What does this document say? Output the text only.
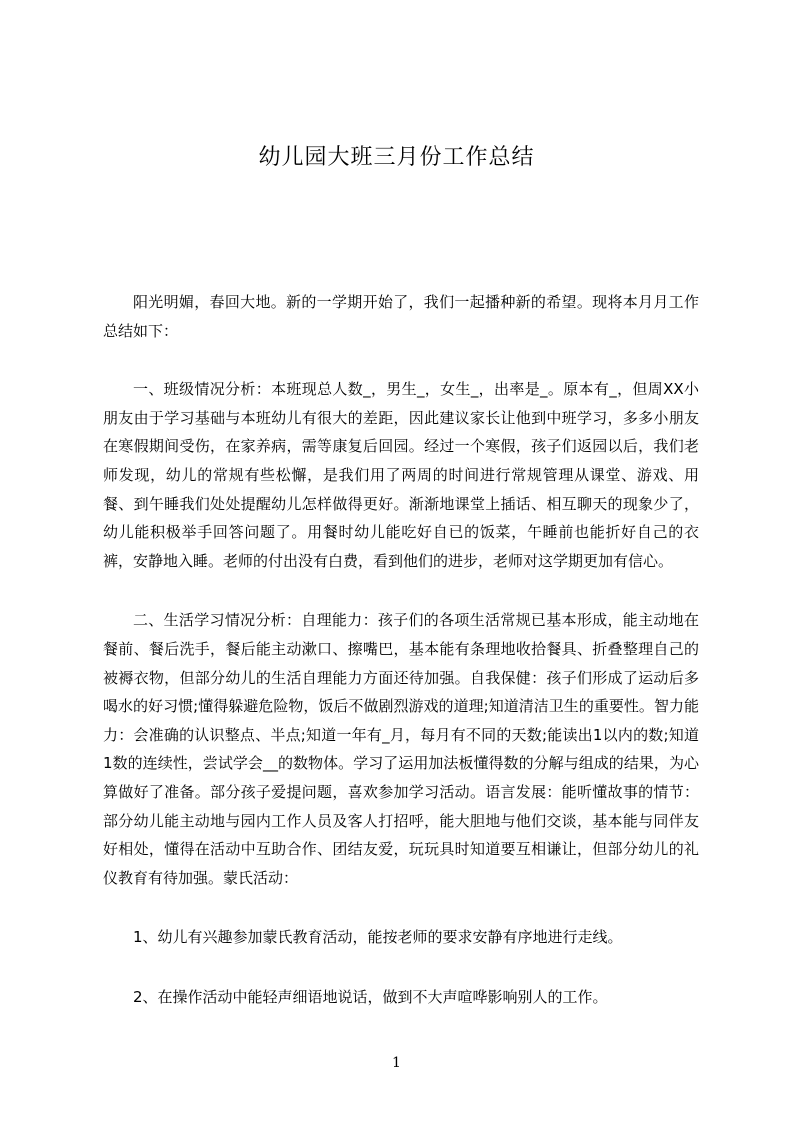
幼儿园大班三月份工作总结

阳光明媚，春回大地。新的一学期开始了，我们一起播种新的希望。现将本月月工作总结如下：

一、班级情况分析：本班现总人数_，男生_，女生_，出率是_。原本有_，但周XX小朋友由于学习基础与本班幼儿有很大的差距，因此建议家长让他到中班学习，多多小朋友在寒假期间受伤，在家养病，需等康复后回园。经过一个寒假，孩子们返园以后，我们老师发现，幼儿的常规有些松懈，是我们用了两周的时间进行常规管理从课堂、游戏、用餐、到午睡我们处处提醒幼儿怎样做得更好。渐渐地课堂上插话、相互聊天的现象少了，幼儿能积极举手回答问题了。用餐时幼儿能吃好自已的饭菜，午睡前也能折好自己的衣裤，安静地入睡。老师的付出没有白费，看到他们的进步，老师对这学期更加有信心。

二、生活学习情况分析：自理能力：孩子们的各项生活常规已基本形成，能主动地在餐前、餐后洗手，餐后能主动漱口、擦嘴巴，基本能有条理地收拾餐具、折叠整理自己的被褥衣物，但部分幼儿的生活自理能力方面还待加强。自我保健：孩子们形成了运动后多喝水的好习惯;懂得躲避危险物，饭后不做剧烈游戏的道理;知道清洁卫生的重要性。智力能力：会准确的认识整点、半点;知道一年有_月，每月有不同的天数;能读出1以内的数;知道1数的连续性，尝试学会__的数物体。学习了运用加法板懂得数的分解与组成的结果，为心算做好了准备。部分孩子爱提问题，喜欢参加学习活动。语言发展：能听懂故事的情节：部分幼儿能主动地与园内工作人员及客人打招呼，能大胆地与他们交谈，基本能与同伴友好相处，懂得在活动中互助合作、团结友爱，玩玩具时知道要互相谦让，但部分幼儿的礼仪教育有待加强。蒙氏活动：

1、幼儿有兴趣参加蒙氏教育活动，能按老师的要求安静有序地进行走线。

2、在操作活动中能轻声细语地说话，做到不大声喧哗影响别人的工作。

1
